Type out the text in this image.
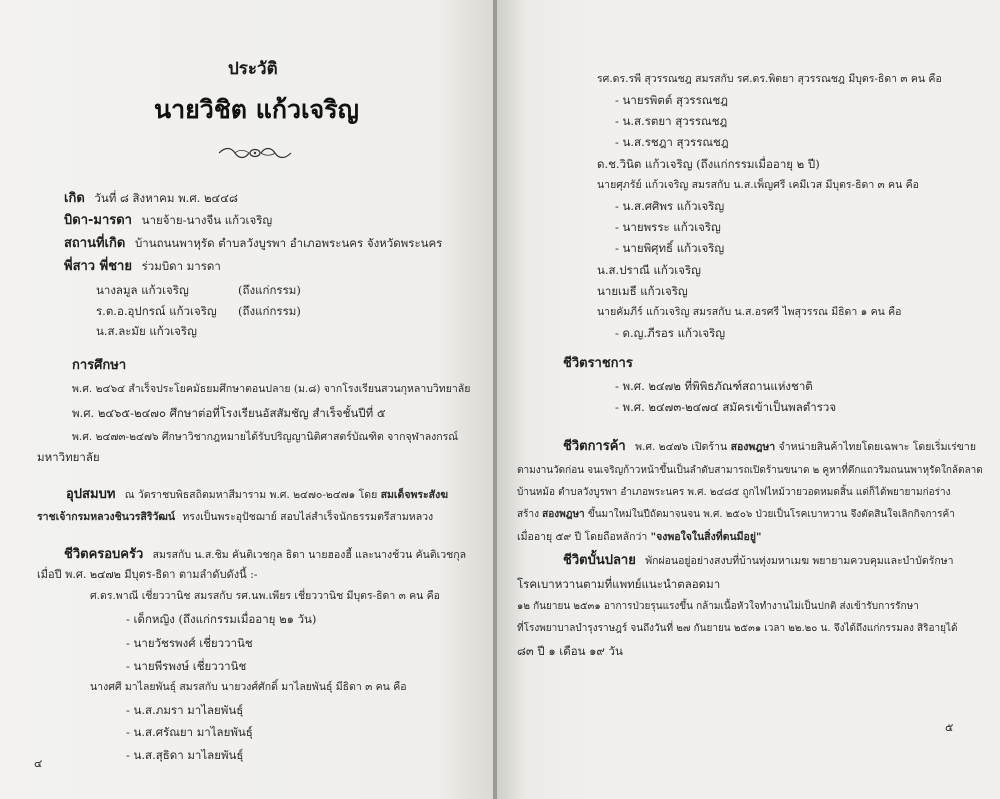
ประวัติ
นายวิชิต แก้วเจริญ
เกิด วันที่ ๘ สิงหาคม พ.ศ. ๒๔๔๘
บิดา-มารดา นายจ้าย-นางจีน แก้วเจริญ
สถานที่เกิด บ้านถนนพาหุรัด ตำบลวังบูรพา อำเภอพระนคร จังหวัดพระนคร
พี่สาว พี่ชาย ร่วมบิดา มารดา
นางลมูล แก้วเจริญ	(ถึงแก่กรรม)
ร.ต.อ.อุปกรณ์ แก้วเจริญ (ถึงแก่กรรม)
น.ส.ละมัย แก้วเจริญ
การศึกษา
พ.ศ. ๒๔๖๔ สำเร็จประโยคมัธยมศึกษาตอนปลาย (ม.๘) จากโรงเรียนสวนกุหลาบวิทยาลัย
พ.ศ. ๒๔๖๕-๒๔๗๐ ศึกษาต่อที่โรงเรียนอัสสัมชัญ สำเร็จชั้นปีที่ ๕
พ.ศ. ๒๔๗๓-๒๔๗๖ ศึกษาวิชากฎหมายได้รับปริญญานิติศาสตร์บัณฑิต จากจุฬาลงกรณ์
มหาวิทยาลัย
อุปสมบท ณ วัดราชบพิธสถิตมหาสีมาราม พ.ศ. ๒๔๗๐-๒๔๗๑ โดย สมเด็จพระสังฆ
ราชเจ้ากรมหลวงชินวรสิริวัฒน์ ทรงเป็นพระอุปัชฌาย์ สอบไล่สำเร็จนักธรรมตรีสามหลวง
ชีวิตครอบครัว สมรสกับ น.ส.ชิม คันติเวชกุล ธิดา นายฮองฮี้ และนางช้วน คันติเวชกุล
เมื่อปี พ.ศ. ๒๔๗๒ มีบุตร-ธิดา ตามลำดับดังนี้ :-
ศ.ดร.พาณี เชี่ยววานิช สมรสกับ รศ.นพ.เพียร เชี่ยววานิช มีบุตร-ธิดา ๓ คน คือ
- เด็กหญิง (ถึงแก่กรรมเมื่ออายุ ๒๑ วัน)
- นายวัชรพงศ์ เชี่ยววานิช
- นายพีรพงษ์ เชี่ยววานิช
นางศศี มาไลยพันธุ์ สมรสกับ นายวงศ์ศักดิ์ มาไลยพันธุ์ มีธิดา ๓ คน คือ
- น.ส.ภมรา มาไลยพันธุ์
- น.ส.ศรัณยา มาไลยพันธุ์
- น.ส.สุธิดา มาไลยพันธุ์
๔
รศ.ดร.รพี สุวรรณชฎ สมรสกับ รศ.ดร.พิตยา สุวรรณชฎ มีบุตร-ธิดา ๓ คน คือ
- นายรพิตต์ สุวรรณชฎ
- น.ส.รตยา สุวรรณชฎ
- น.ส.รชฎา สุวรรณชฎ
ด.ช.วินิต แก้วเจริญ (ถึงแก่กรรมเมื่ออายุ ๒ ปี)
นายศุภรัย์ แก้วเจริญ สมรสกับ น.ส.เพ็ญศรี เคมีเวส มีบุตร-ธิดา ๓ คน คือ
- น.ส.ศศิพร แก้วเจริญ
- นายพรระ แก้วเจริญ
- นายพิศุทธิ์ แก้วเจริญ
น.ส.ปราณี แก้วเจริญ
นายเมธี แก้วเจริญ
นายคัมภีร์ แก้วเจริญ สมรสกับ น.ส.อรศรี ไพสุวรรณ มีธิดา ๑ คน คือ
- ด.ญ.ภีรอร แก้วเจริญ
ชีวิตราชการ
- พ.ศ. ๒๔๗๒ ที่พิพิธภัณฑ์สถานแห่งชาติ
- พ.ศ. ๒๔๗๓-๒๔๗๔ สมัครเข้าเป็นพลตำรวจ
ชีวิตการค้า พ.ศ. ๒๔๗๖ เปิดร้าน สองพฎษา จำหน่ายสินค้าไทยโดยเฉพาะ โดยเริ่มเร่ขาย
ตามงานวัดก่อน จนเจริญก้าวหน้าขึ้นเป็นลำดับสามารถเปิดร้านขนาด ๒ คูหาที่ตึกแถวริมถนนพาหุรัดใกล้ตลาด
บ้านหม้อ ตำบลวังบูรพา อำเภอพระนคร พ.ศ. ๒๔๘๕ ถูกไฟไหม้วายวอดหมดสิ้น แต่ก็ได้พยายามก่อร่าง
สร้าง สองพฎษา ขึ้นมาใหม่ในปีถัดมาจนจน พ.ศ. ๒๕๐๖ ป่วยเป็นโรคเบาหวาน จึงตัดสินใจเลิกกิจการค้า
เมื่ออายุ ๕๙ ปี โดยถือหลักว่า "จงพอใจในสิ่งที่ตนมีอยู่"
ชีวิตบั้นปลาย พักผ่อนอยู่อย่างสงบที่บ้านทุ่งมหาเมฆ พยายามควบคุมและบำบัดรักษา
โรคเบาหวานตามที่แพทย์แนะนำตลอดมา
๑๒ กันยายน ๒๕๓๑ อาการป่วยรุนแรงขึ้น กล้ามเนื้อหัวใจทำงานไม่เป็นปกติ ส่งเข้ารับการรักษา
ที่โรงพยาบาลบำรุงราษฎร์ จนถึงวันที่ ๒๗ กันยายน ๒๕๓๑ เวลา ๒๒.๒๐ น. จึงได้ถึงแก่กรรมลง สิริอายุได้
๘๓ ปี ๑ เดือน ๑๙ วัน
๕
